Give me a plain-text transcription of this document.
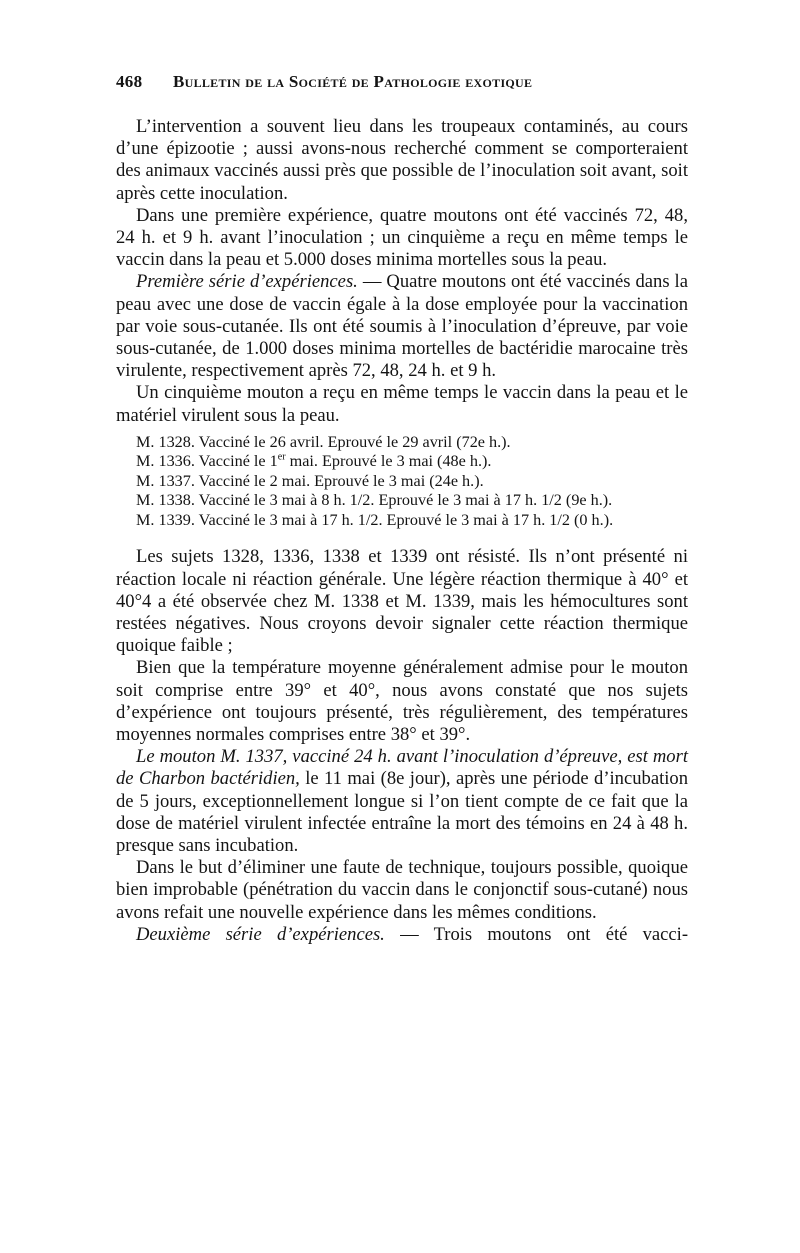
468 Bulletin de la Société de Pathologie exotique

L’intervention a souvent lieu dans les troupeaux contaminés, au cours d’une épizootie ; aussi avons-nous recherché comment se comporteraient des animaux vaccinés aussi près que possible de l’inoculation soit avant, soit après cette inoculation.

Dans une première expérience, quatre moutons ont été vaccinés 72, 48, 24 h. et 9 h. avant l’inoculation ; un cinquième a reçu en même temps le vaccin dans la peau et 5.000 doses minima mortelles sous la peau.

Première série d’expériences. — Quatre moutons ont été vaccinés dans la peau avec une dose de vaccin égale à la dose employée pour la vaccination par voie sous-cutanée. Ils ont été soumis à l’inoculation d’épreuve, par voie sous-cutanée, de 1.000 doses minima mortelles de bactéridie marocaine très virulente, respectivement après 72, 48, 24 h. et 9 h.

Un cinquième mouton a reçu en même temps le vaccin dans la peau et le matériel virulent sous la peau.

M. 1328. Vacciné le 26 avril. Eprouvé le 29 avril (72e h.).

M. 1336. Vacciné le 1er mai. Eprouvé le 3 mai (48e h.).

M. 1337. Vacciné le 2 mai. Eprouvé le 3 mai (24e h.).

M. 1338. Vacciné le 3 mai à 8 h. 1/2. Eprouvé le 3 mai à 17 h. 1/2 (9e h.).

M. 1339. Vacciné le 3 mai à 17 h. 1/2. Eprouvé le 3 mai à 17 h. 1/2 (0 h.).

Les sujets 1328, 1336, 1338 et 1339 ont résisté. Ils n’ont présenté ni réaction locale ni réaction générale. Une légère réaction thermique à 40° et 40°4 a été observée chez M. 1338 et M. 1339, mais les hémocultures sont restées négatives. Nous croyons devoir signaler cette réaction thermique quoique faible ;

Bien que la température moyenne généralement admise pour le mouton soit comprise entre 39° et 40°, nous avons constaté que nos sujets d’expérience ont toujours présenté, très régulièrement, des températures moyennes normales comprises entre 38° et 39°.

Le mouton M. 1337, vacciné 24 h. avant l’inoculation d’épreuve, est mort de Charbon bactéridien, le 11 mai (8e jour), après une période d’incubation de 5 jours, exceptionnellement longue si l’on tient compte de ce fait que la dose de matériel virulent infectée entraîne la mort des témoins en 24 à 48 h. presque sans incubation.

Dans le but d’éliminer une faute de technique, toujours possible, quoique bien improbable (pénétration du vaccin dans le conjonctif sous-cutané) nous avons refait une nouvelle expérience dans les mêmes conditions.

Deuxième série d’expériences. — Trois moutons ont été vacci-
